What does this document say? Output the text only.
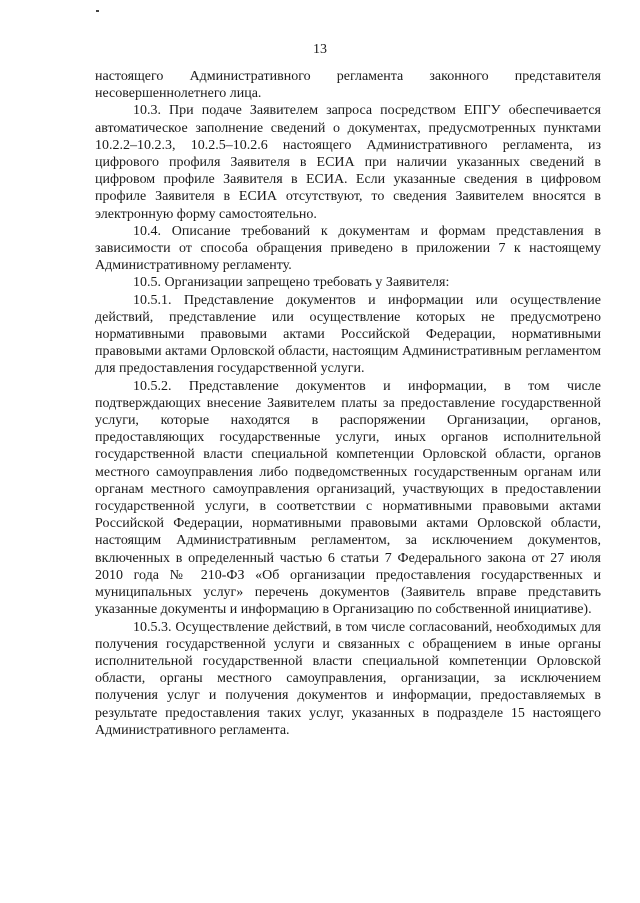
13

настоящего Административного регламента законного представителя несовершеннолетнего лица.

10.3. При подаче Заявителем запроса посредством ЕПГУ обеспечивается автоматическое заполнение сведений о документах, предусмотренных пунктами 10.2.2–10.2.3, 10.2.5–10.2.6 настоящего Административного регламента, из цифрового профиля Заявителя в ЕСИА при наличии указанных сведений в цифровом профиле Заявителя в ЕСИА. Если указанные сведения в цифровом профиле Заявителя в ЕСИА отсутствуют, то сведения Заявителем вносятся в электронную форму самостоятельно.

10.4. Описание требований к документам и формам представления в зависимости от способа обращения приведено в приложении 7 к настоящему Административному регламенту.

10.5. Организации запрещено требовать у Заявителя:

10.5.1. Представление документов и информации или осуществление действий, представление или осуществление которых не предусмотрено нормативными правовыми актами Российской Федерации, нормативными правовыми актами Орловской области, настоящим Административным регламентом для предоставления государственной услуги.

10.5.2. Представление документов и информации, в том числе подтверждающих внесение Заявителем платы за предоставление государственной услуги, которые находятся в распоряжении Организации, органов, предоставляющих государственные услуги, иных органов исполнительной государственной власти специальной компетенции Орловской области, органов местного самоуправления либо подведомственных государственным органам или органам местного самоуправления организаций, участвующих в предоставлении государственной услуги, в соответствии с нормативными правовыми актами Российской Федерации, нормативными правовыми актами Орловской области, настоящим Административным регламентом, за исключением документов, включенных в определенный частью 6 статьи 7 Федерального закона от 27 июля 2010 года № 210-ФЗ «Об организации предоставления государственных и муниципальных услуг» перечень документов (Заявитель вправе представить указанные документы и информацию в Организацию по собственной инициативе).

10.5.3. Осуществление действий, в том числе согласований, необходимых для получения государственной услуги и связанных с обращением в иные органы исполнительной государственной власти специальной компетенции Орловской области, органы местного самоуправления, организации, за исключением получения услуг и получения документов и информации, предоставляемых в результате предоставления таких услуг, указанных в подразделе 15 настоящего Административного регламента.
